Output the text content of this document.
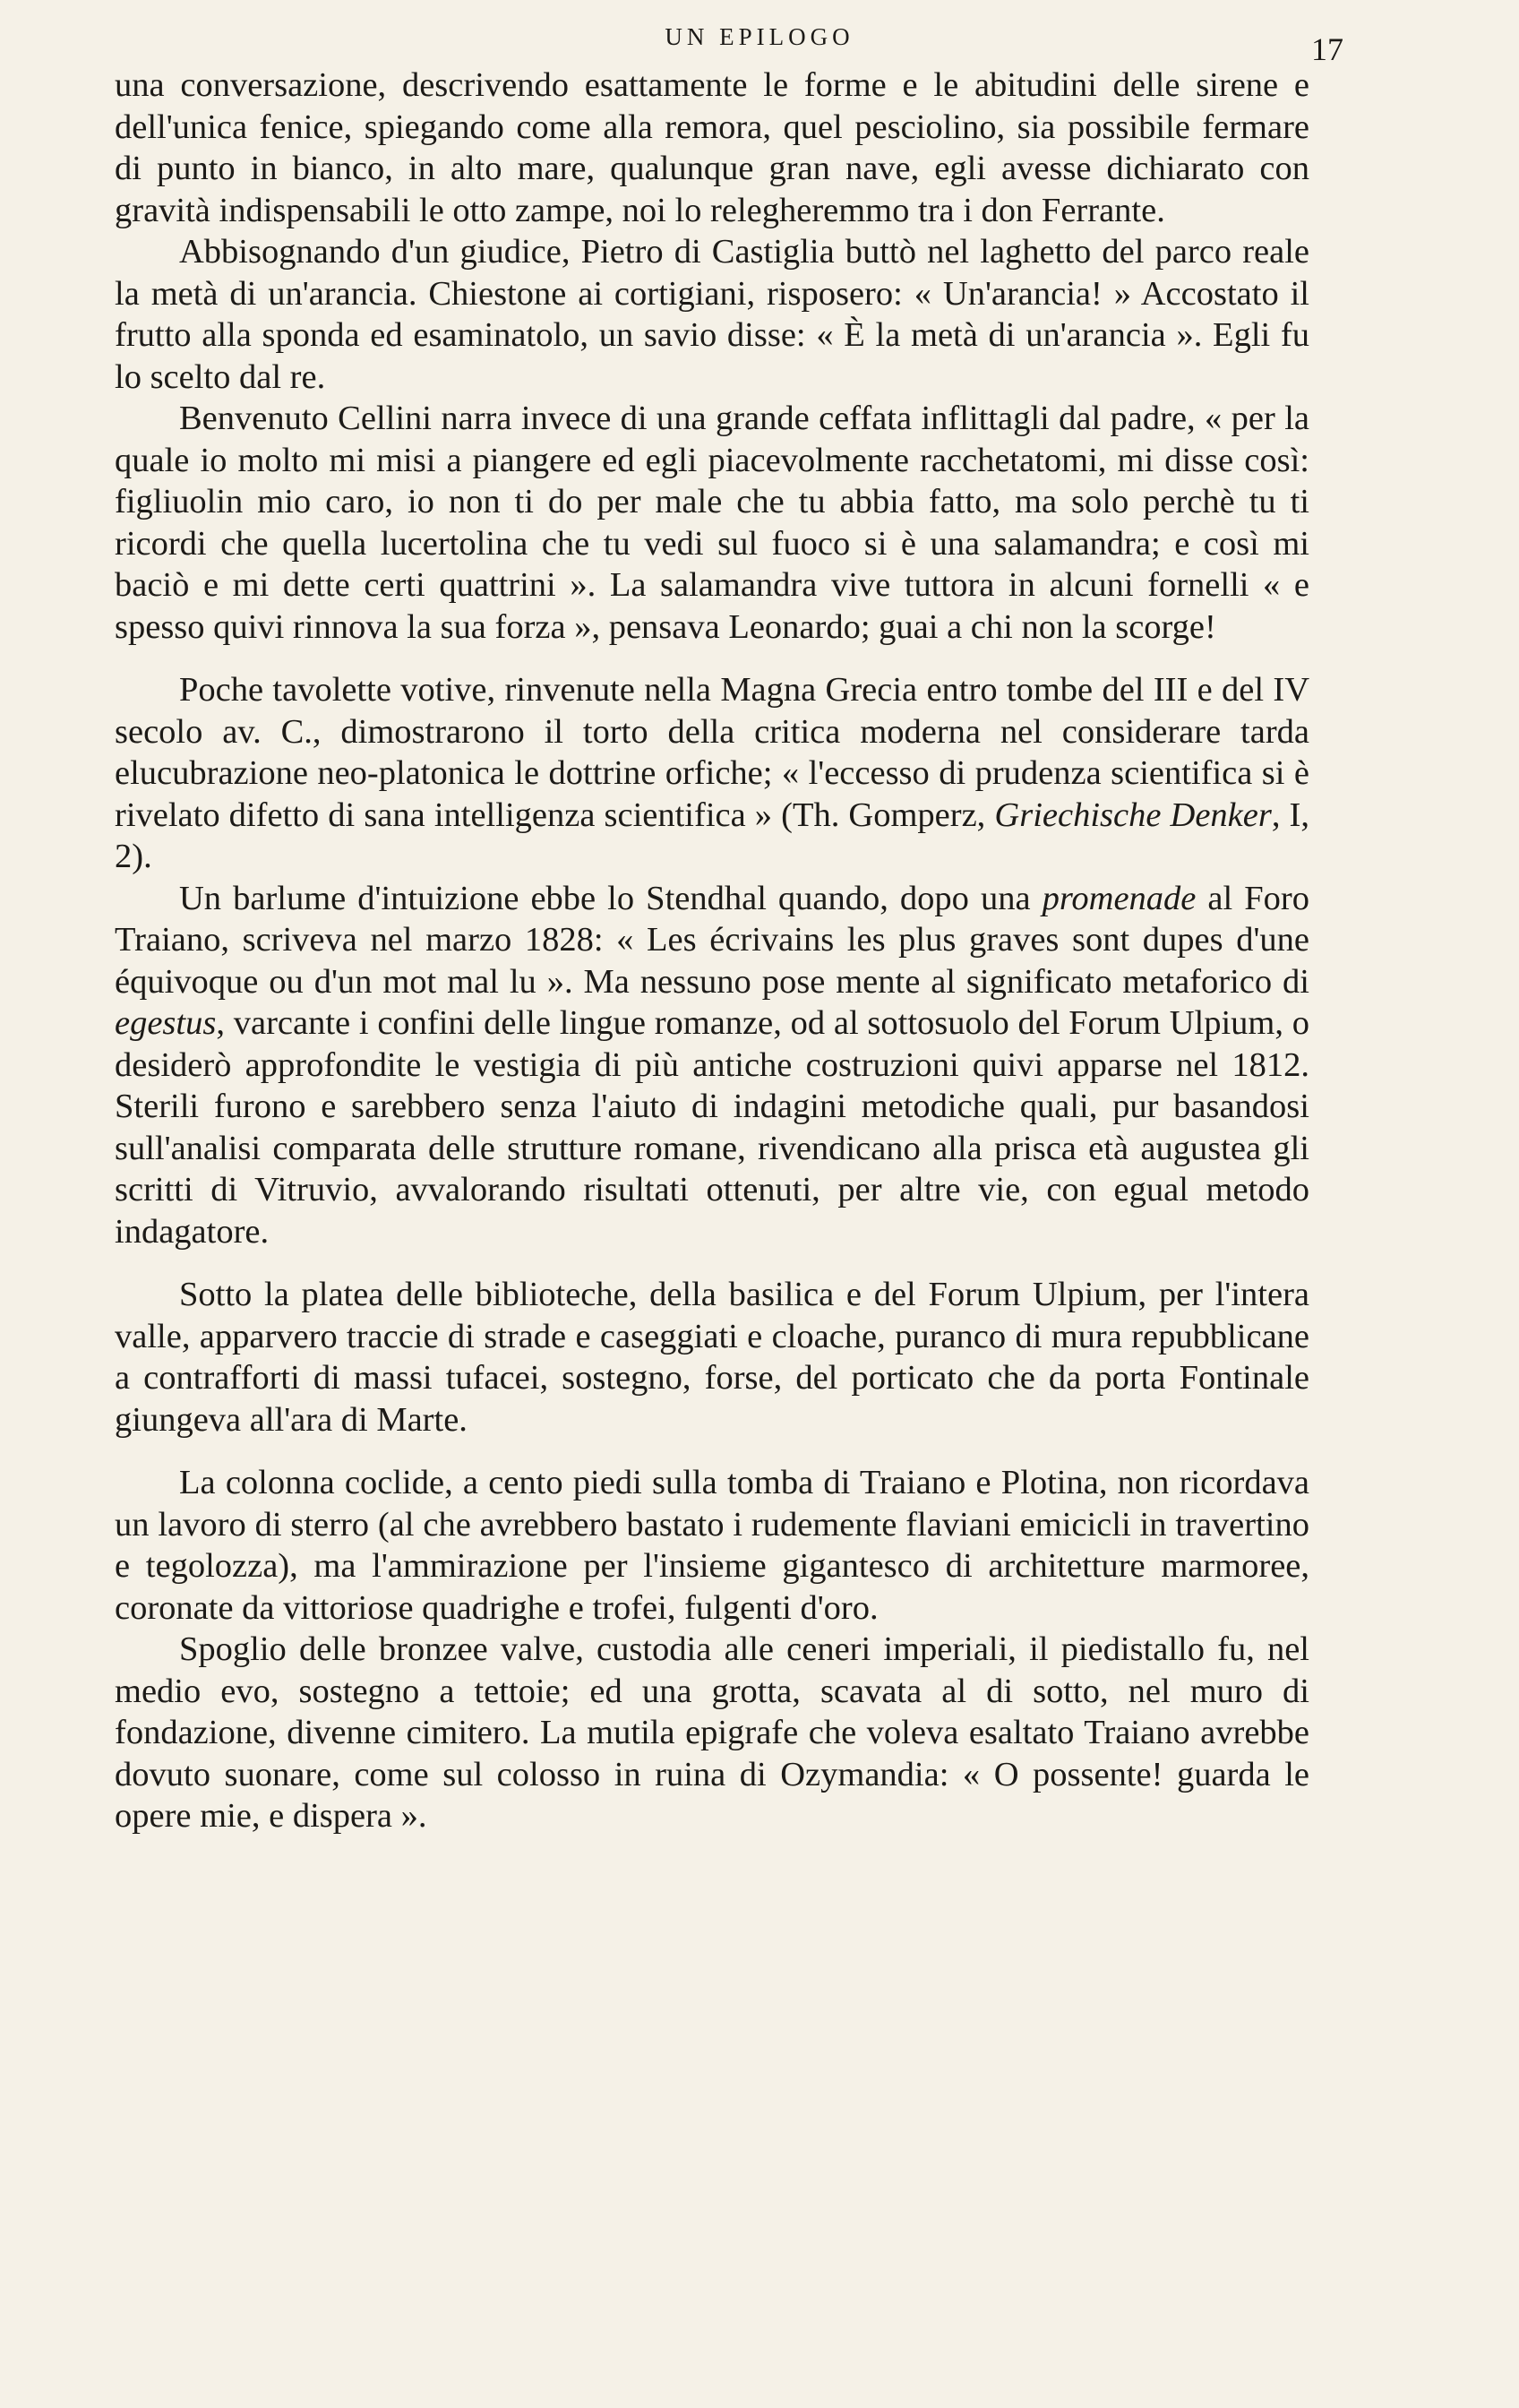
UN EPILOGO	17

una conversazione, descrivendo esattamente le forme e le abitudini delle sirene e dell'unica fenice, spiegando come alla remora, quel pesciolino, sia possibile fermare di punto in bianco, in alto mare, qualunque gran nave, egli avesse dichiarato con gravità indispensabili le otto zampe, noi lo relegheremmo tra i don Ferrante.

Abbisognando d'un giudice, Pietro di Castiglia buttò nel laghetto del parco reale la metà di un'arancia. Chiestone ai cortigiani, risposero: « Un'arancia! » Accostato il frutto alla sponda ed esaminatolo, un savio disse: « È la metà di un'arancia ». Egli fu lo scelto dal re.

Benvenuto Cellini narra invece di una grande ceffata inflittagli dal padre, « per la quale io molto mi misi a piangere ed egli piacevolmente racchetatomi, mi disse così: figliuolin mio caro, io non ti do per male che tu abbia fatto, ma solo perchè tu ti ricordi che quella lucertolina che tu vedi sul fuoco si è una salamandra; e così mi baciò e mi dette certi quattrini ». La salamandra vive tuttora in alcuni fornelli « e spesso quivi rinnova la sua forza », pensava Leonardo; guai a chi non la scorge!

Poche tavolette votive, rinvenute nella Magna Grecia entro tombe del III e del IV secolo av. C., dimostrarono il torto della critica moderna nel considerare tarda elucubrazione neo-platonica le dottrine orfiche; « l'eccesso di prudenza scientifica si è rivelato difetto di sana intelligenza scientifica » (Th. Gomperz, Griechische Denker, I, 2).

Un barlume d'intuizione ebbe lo Stendhal quando, dopo una promenade al Foro Traiano, scriveva nel marzo 1828: « Les écrivains les plus graves sont dupes d'une équivoque ou d'un mot mal lu ». Ma nessuno pose mente al significato metaforico di egestus, varcante i confini delle lingue romanze, od al sottosuolo del Forum Ulpium, o desiderò approfondite le vestigia di più antiche costruzioni quivi apparse nel 1812. Sterili furono e sarebbero senza l'aiuto di indagini metodiche quali, pur basandosi sull'analisi comparata delle strutture romane, rivendicano alla prisca età augustea gli scritti di Vitruvio, avvalorando risultati ottenuti, per altre vie, con egual metodo indagatore.

Sotto la platea delle biblioteche, della basilica e del Forum Ulpium, per l'intera valle, apparvero traccie di strade e caseggiati e cloache, puranco di mura repubblicane a contrafforti di massi tufacei, sostegno, forse, del porticato che da porta Fontinale giungeva all'ara di Marte.

La colonna coclide, a cento piedi sulla tomba di Traiano e Plotina, non ricordava un lavoro di sterro (al che avrebbero bastato i rudemente flaviani emicicli in travertino e tegolozza), ma l'ammirazione per l'insieme gigantesco di architetture marmoree, coronate da vittoriose quadrighe e trofei, fulgenti d'oro.

Spoglio delle bronzee valve, custodia alle ceneri imperiali, il piedistallo fu, nel medio evo, sostegno a tettoie; ed una grotta, scavata al di sotto, nel muro di fondazione, divenne cimitero. La mutila epigrafe che voleva esaltato Traiano avrebbe dovuto suonare, come sul colosso in ruina di Ozymandia: « O possente! guarda le opere mie, e dispera ».
